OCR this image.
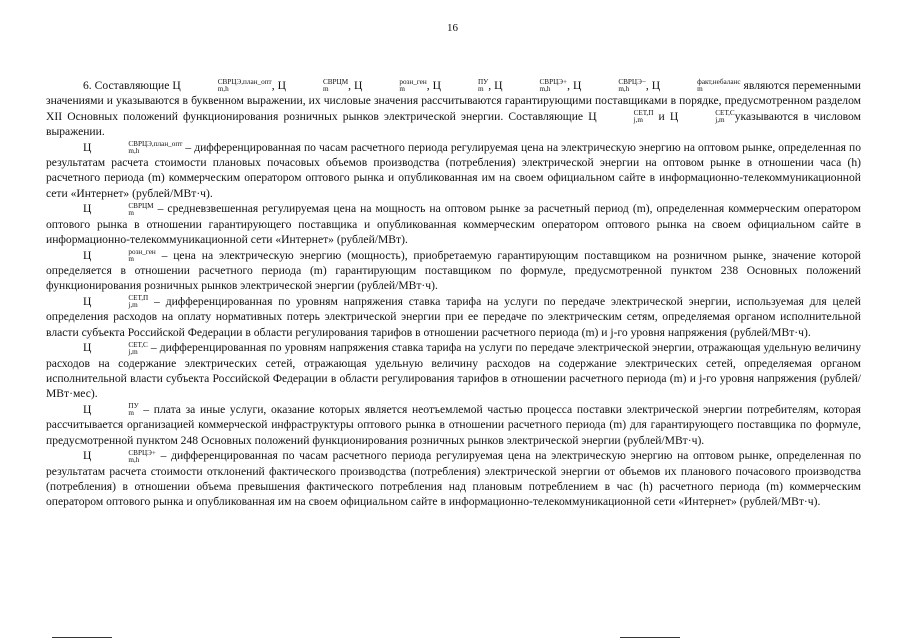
16

6. Составляющие Ц	СВРЦЭ,план_опт
m,h	, Ц	СВРЦМ
m	, Ц	розн_ген
m	, Ц	ПУ
m , Ц	СВРЦЭ+
m,h	, Ц	СВРЦЭ−
m,h	, Ц	факт,небаланс
m	являются переменными значениями и указываются в буквенном выражении, их числовые значения рассчитываются гарантирующими поставщиками в порядке, предусмотренном разделом XII Основных положений функционирования розничных рынков электрической энергии. Составляющие Ц	СЕТ,П
j,m и Ц	СЕТ,С
j,m указываются в числовом выражении.

Ц	СВРЦЭ,план_опт
m,h	– дифференцированная по часам расчетного периода регулируемая цена на электрическую энергию на оптовом рынке, определенная по результатам расчета стоимости плановых почасовых объемов производства (потребления) электрической энергии на оптовом рынке в отношении часа (h) расчетного периода (m) коммерческим оператором оптового рынка и опубликованная им на своем официальном сайте в информационно-телекоммуникационной сети «Интернет» (рублей/МВт·ч).

Ц	СВРЦМ
m	– средневзвешенная регулируемая цена на мощность на оптовом рынке за расчетный период (m), определенная коммерческим оператором оптового рынка в отношении гарантирующего поставщика и опубликованная коммерческим оператором оптового рынка на своем официальном сайте в информационно-телекоммуникационной сети «Интернет» (рублей/МВт).

Ц	розн_ген
m	– цена на электрическую энергию (мощность), приобретаемую гарантирующим поставщиком на розничном рынке, значение которой определяется в отношении расчетного периода (m) гарантирующим поставщиком по формуле, предусмотренной пунктом 238 Основных положений функционирования розничных рынков электрической энергии (рублей/МВт·ч).

Ц	СЕТ,П
j,m – дифференцированная по уровням напряжения ставка тарифа на услуги по передаче электрической энергии, используемая для целей определения расходов на оплату нормативных потерь электрической энергии при ее передаче по электрическим сетям, определяемая органом исполнительной власти субъекта Российской Федерации в области регулирования тарифов в отношении расчетного периода (m) и j-го уровня напряжения (рублей/МВт·ч).

Ц	СЕТ,С
j,m – дифференцированная по уровням напряжения ставка тарифа на услуги по передаче электрической энергии, отражающая удельную величину расходов на содержание электрических сетей, отражающая удельную величину расходов на содержание электрических сетей, определяемая органом исполнительной власти субъекта Российской Федерации в области регулирования тарифов в отношении расчетного периода (m) и j-го уровня напряжения (рублей/МВт·мес).

Ц	ПУ
m – плата за иные услуги, оказание которых является неотъемлемой частью процесса поставки электрической энергии потребителям, которая рассчитывается организацией коммерческой инфраструктуры оптового рынка в отношении расчетного периода (m) для гарантирующего поставщика по формуле, предусмотренной пунктом 248 Основных положений функционирования розничных рынков электрической энергии (рублей/МВт·ч).

Ц	СВРЦЭ+
m,h	– дифференцированная по часам расчетного периода регулируемая цена на электрическую энергию на оптовом рынке, определенная по результатам расчета стоимости отклонений фактического производства (потребления) электрической энергии от объемов их планового почасового производства (потребления) в отношении объема превышения фактического потребления над плановым потреблением в час (h) расчетного периода (m) коммерческим оператором оптового рынка и опубликованная им на своем официальном сайте в информационно-телекоммуникационной сети «Интернет» (рублей/МВт·ч).
